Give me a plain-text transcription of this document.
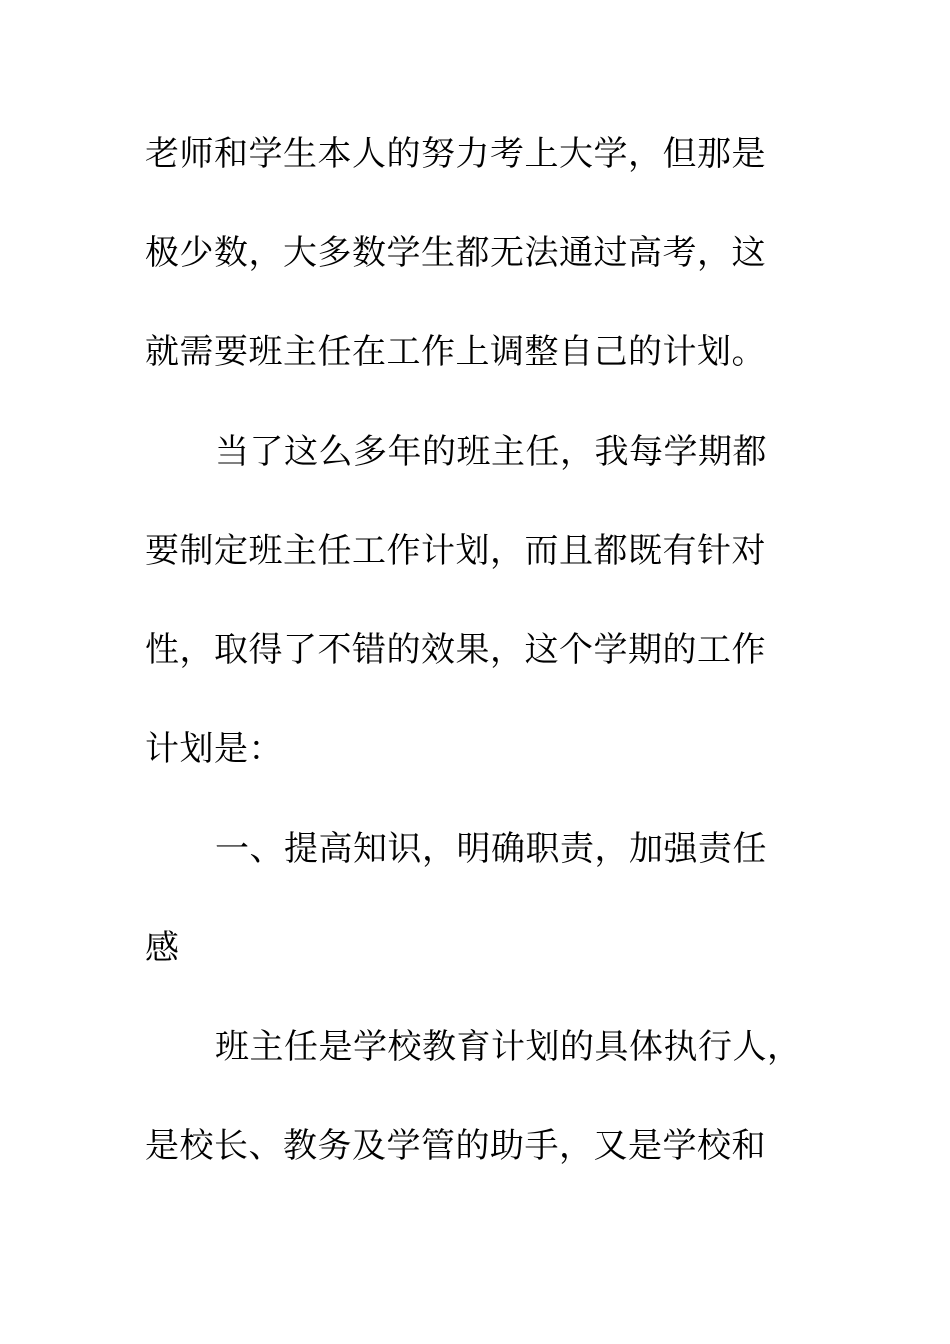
老师和学生本人的努力考上大学，但那是
极少数，大多数学生都无法通过高考，这
就需要班主任在工作上调整自己的计划。
当了这么多年的班主任，我每学期都
要制定班主任工作计划，而且都既有针对
性，取得了不错的效果，这个学期的工作
计划是：
一、提高知识，明确职责，加强责任
感
班主任是学校教育计划的具体执行人，
是校长、教务及学管的助手，又是学校和
